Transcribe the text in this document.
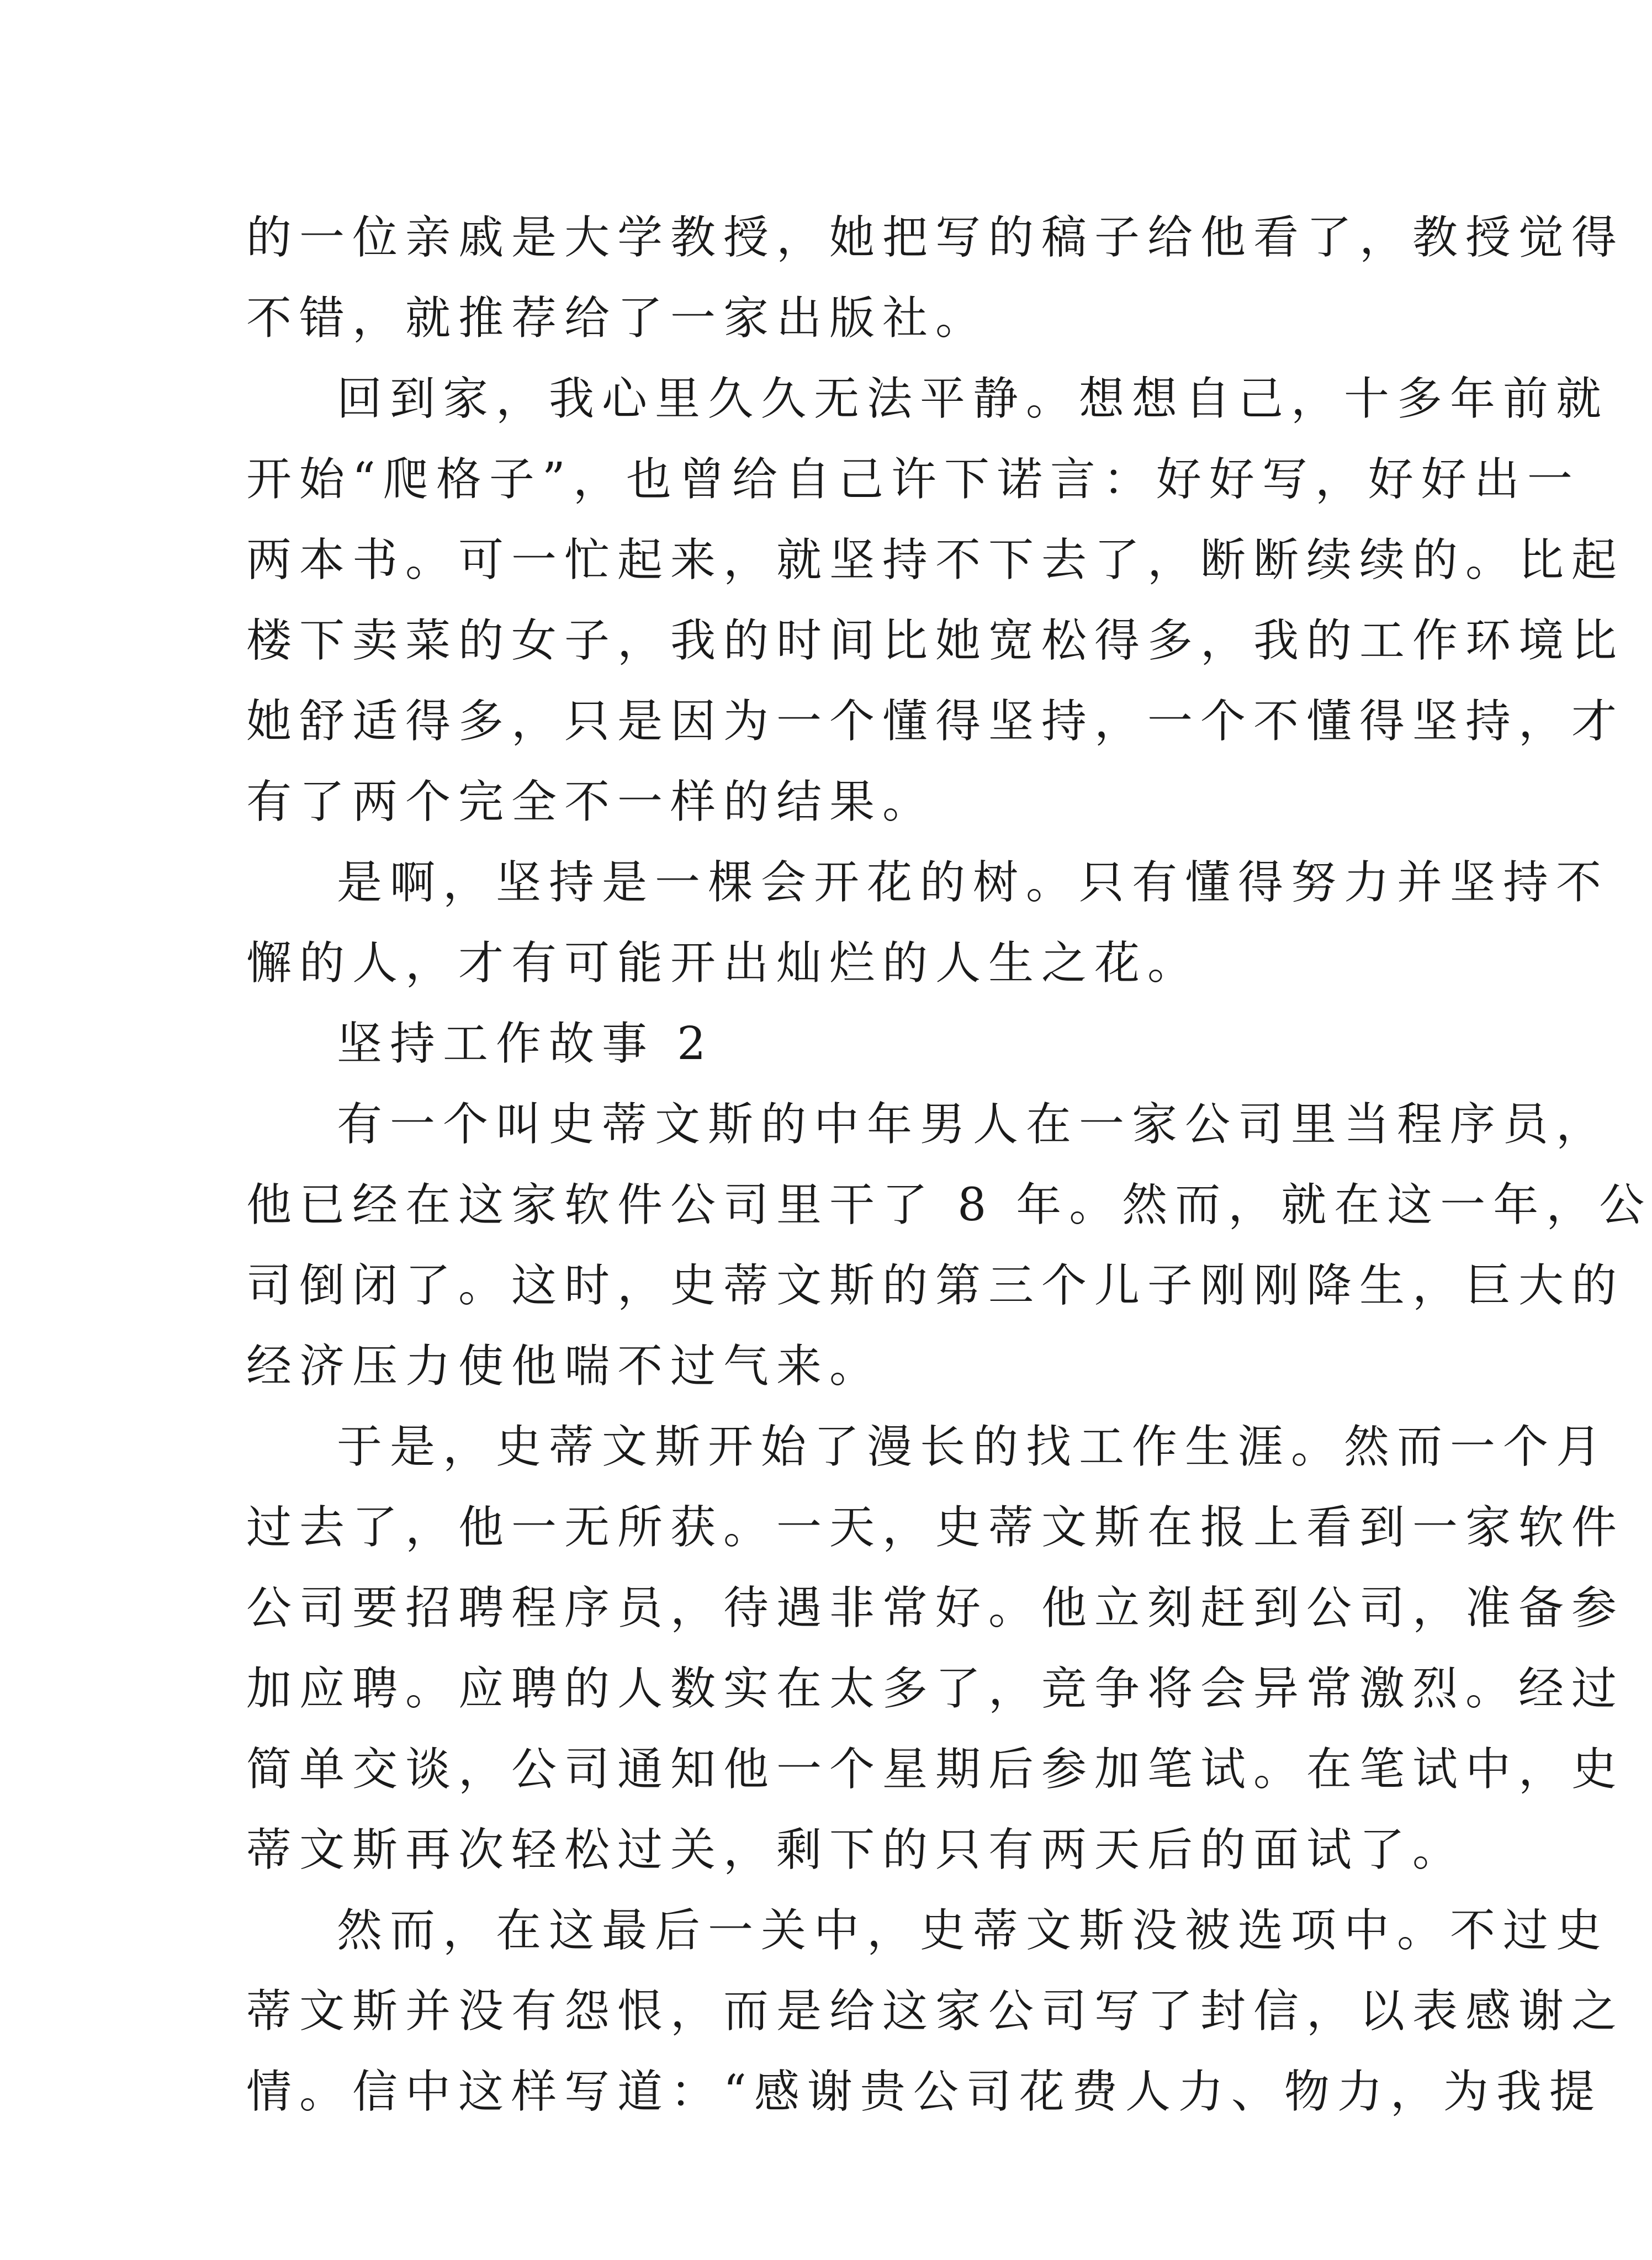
的一位亲戚是大学教授，她把写的稿子给他看了，教授觉得
不错，就推荐给了一家出版社。
回到家，我心里久久无法平静。想想自己，十多年前就
开始“爬格子”，也曾给自己许下诺言：好好写，好好出一
两本书。可一忙起来，就坚持不下去了，断断续续的。比起
楼下卖菜的女子，我的时间比她宽松得多，我的工作环境比
她舒适得多，只是因为一个懂得坚持，一个不懂得坚持，才
有了两个完全不一样的结果。
是啊，坚持是一棵会开花的树。只有懂得努力并坚持不
懈的人，才有可能开出灿烂的人生之花。
坚持工作故事 2
有一个叫史蒂文斯的中年男人在一家公司里当程序员，
他已经在这家软件公司里干了 8 年。然而，就在这一年，公
司倒闭了。这时，史蒂文斯的第三个儿子刚刚降生，巨大的
经济压力使他喘不过气来。
于是，史蒂文斯开始了漫长的找工作生涯。然而一个月
过去了，他一无所获。一天，史蒂文斯在报上看到一家软件
公司要招聘程序员，待遇非常好。他立刻赶到公司，准备参
加应聘。应聘的人数实在太多了，竞争将会异常激烈。经过
简单交谈，公司通知他一个星期后参加笔试。在笔试中，史
蒂文斯再次轻松过关，剩下的只有两天后的面试了。
然而，在这最后一关中，史蒂文斯没被选项中。不过史
蒂文斯并没有怨恨，而是给这家公司写了封信，以表感谢之
情。信中这样写道：“感谢贵公司花费人力、物力，为我提
